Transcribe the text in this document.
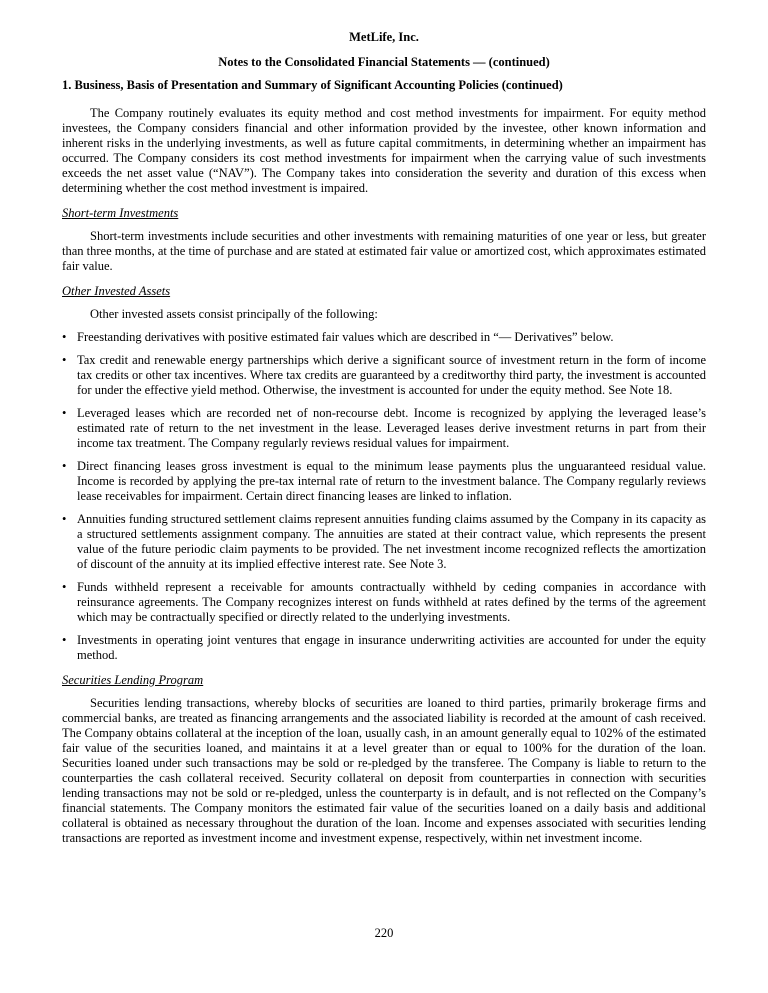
MetLife, Inc.
Notes to the Consolidated Financial Statements — (continued)
1. Business, Basis of Presentation and Summary of Significant Accounting Policies (continued)

The Company routinely evaluates its equity method and cost method investments for impairment. For equity method investees, the Company considers financial and other information provided by the investee, other known information and inherent risks in the underlying investments, as well as future capital commitments, in determining whether an impairment has occurred. The Company considers its cost method investments for impairment when the carrying value of such investments exceeds the net asset value (“NAV”). The Company takes into consideration the severity and duration of this excess when determining whether the cost method investment is impaired.

Short-term Investments

Short-term investments include securities and other investments with remaining maturities of one year or less, but greater than three months, at the time of purchase and are stated at estimated fair value or amortized cost, which approximates estimated fair value.

Other Invested Assets

Other invested assets consist principally of the following:

• Freestanding derivatives with positive estimated fair values which are described in “— Derivatives” below.
• Tax credit and renewable energy partnerships which derive a significant source of investment return in the form of income tax credits or other tax incentives. Where tax credits are guaranteed by a creditworthy third party, the investment is accounted for under the effective yield method. Otherwise, the investment is accounted for under the equity method. See Note 18.
• Leveraged leases which are recorded net of non-recourse debt. Income is recognized by applying the leveraged lease’s estimated rate of return to the net investment in the lease. Leveraged leases derive investment returns in part from their income tax treatment. The Company regularly reviews residual values for impairment.
• Direct financing leases gross investment is equal to the minimum lease payments plus the unguaranteed residual value. Income is recorded by applying the pre-tax internal rate of return to the investment balance. The Company regularly reviews lease receivables for impairment. Certain direct financing leases are linked to inflation.
• Annuities funding structured settlement claims represent annuities funding claims assumed by the Company in its capacity as a structured settlements assignment company. The annuities are stated at their contract value, which represents the present value of the future periodic claim payments to be provided. The net investment income recognized reflects the amortization of discount of the annuity at its implied effective interest rate. See Note 3.
• Funds withheld represent a receivable for amounts contractually withheld by ceding companies in accordance with reinsurance agreements. The Company recognizes interest on funds withheld at rates defined by the terms of the agreement which may be contractually specified or directly related to the underlying investments.
• Investments in operating joint ventures that engage in insurance underwriting activities are accounted for under the equity method.
Securities Lending Program

Securities lending transactions, whereby blocks of securities are loaned to third parties, primarily brokerage firms and commercial banks, are treated as financing arrangements and the associated liability is recorded at the amount of cash received. The Company obtains collateral at the inception of the loan, usually cash, in an amount generally equal to 102% of the estimated fair value of the securities loaned, and maintains it at a level greater than or equal to 100% for the duration of the loan. Securities loaned under such transactions may be sold or re-pledged by the transferee. The Company is liable to return to the counterparties the cash collateral received. Security collateral on deposit from counterparties in connection with securities lending transactions may not be sold or re-pledged, unless the counterparty is in default, and is not reflected on the Company’s financial statements. The Company monitors the estimated fair value of the securities loaned on a daily basis and additional collateral is obtained as necessary throughout the duration of the loan. Income and expenses associated with securities lending transactions are reported as investment income and investment expense, respectively, within net investment income.

220
